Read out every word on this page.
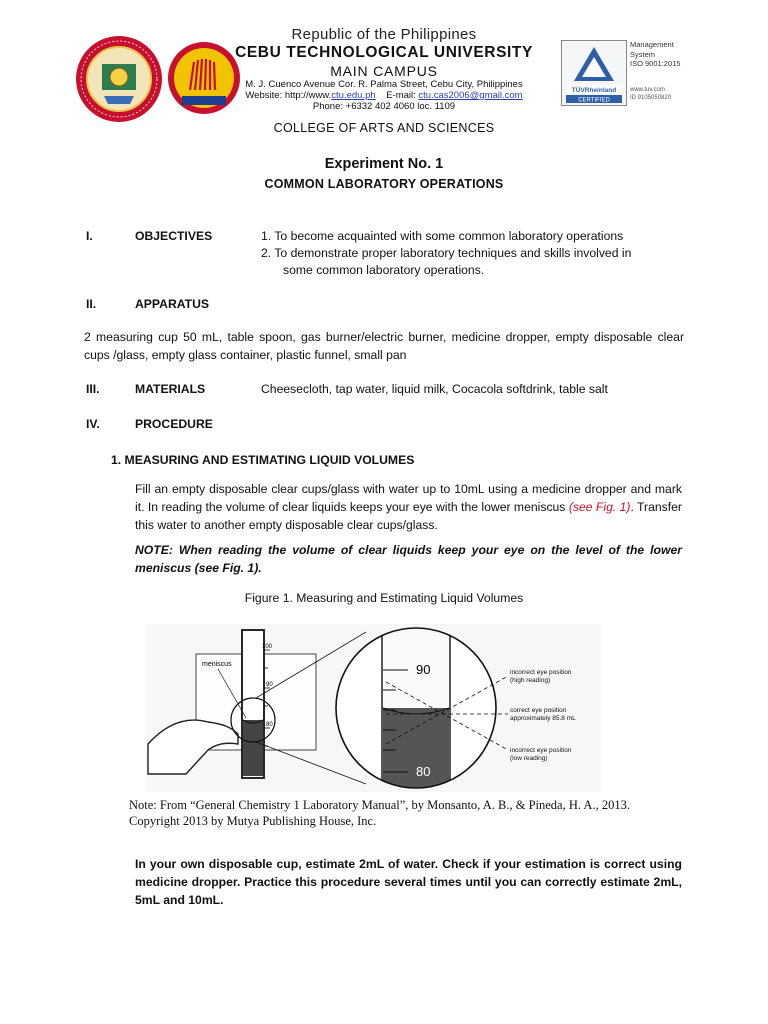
Republic of the Philippines
CEBU TECHNOLOGICAL UNIVERSITY
MAIN CAMPUS
M. J. Cuenco Avenue Cor. R. Palma Street, Cebu City, Philippines
Website: http://www.ctu.edu.ph E-mail: ctu.cas2006@gmail.com
Phone: +6332 402 4060 loc. 1109
TÜVRheinland
CERTIFIED
Management
System
ISO 9001:2015
www.tuv.com
ID 9105050820
COLLEGE OF ARTS AND SCIENCES
Experiment No. 1
COMMON LABORATORY OPERATIONS
I.	OBJECTIVES	1. To become acquainted with some common laboratory operations
2. To demonstrate proper laboratory techniques and skills involved in
some common laboratory operations.
II.	APPARATUS
2 measuring cup 50 mL, table spoon, gas burner/electric burner, medicine dropper, empty disposable clear cups /glass, empty glass container, plastic funnel, small pan
III.	MATERIALS	Cheesecloth, tap water, liquid milk, Cocacola softdrink, table salt
IV.	PROCEDURE
1. MEASURING AND ESTIMATING LIQUID VOLUMES
Fill an empty disposable clear cups/glass with water up to 10mL using a medicine dropper and mark it. In reading the volume of clear liquids keeps your eye with the lower meniscus (see Fig. 1). Transfer this water to another empty disposable clear cups/glass.
NOTE: When reading the volume of clear liquids keep your eye on the level of the lower meniscus (see Fig. 1).
Figure 1. Measuring and Estimating Liquid Volumes
100
90
80
meniscus	90
80
incorrect eye position
(high reading)
correct eye position
approximately 85.8 mL
incorrect eye position
(low reading)
Note: From “General Chemistry 1 Laboratory Manual”, by Monsanto, A. B., & Pineda, H. A., 2013.
Copyright 2013 by Mutya Publishing House, Inc.
In your own disposable cup, estimate 2mL of water. Check if your estimation is correct using medicine dropper. Practice this procedure several times until you can correctly estimate 2mL, 5mL and 10mL.
